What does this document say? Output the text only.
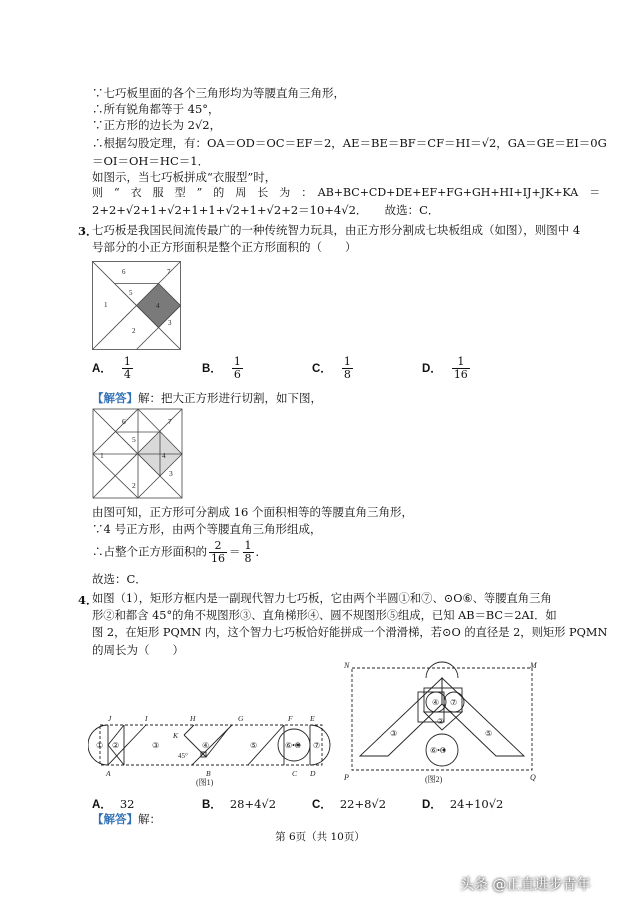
∵七巧板里面的各个三角形均为等腰直角三角形，
∴所有锐角都等于 45°，
∵正方形的边长为 2√2，
∴根据勾股定理，有：OA＝OD＝OC＝EF＝2，AE＝BE＝BF＝CF＝HI＝√2，GA＝GE＝EI＝0G
＝OI＝OH＝HC＝1．
如图示，当七巧板拼成“衣服型”时，
则　“　衣　服　型　”　的　周　长　为　：　AB+BC+CD+DE+EF+FG+GH+HI+IJ+JK+KA　＝
2+2+√2+1+√2+1+1+√2+1+√2+2＝10+4√2．　　故选：C．
3．
七巧板是我国民间流传最广的一种传统智力玩具，由正方形分割成七块板组成（如图），则图中 4
号部分的小正方形面积是整个正方形面积的（　　）
6	7
1
5
4
3
2
A． $\frac{1}{4}$	B． $\frac{1}{6}$	C． $\frac{1}{8}$	D． $\frac{1}{16}$
【解答】解：把大正方形进行切割，如下图，
6	7
1
5
4
3
2
由图可知，正方形可分割成 16 个面积相等的等腰直角三角形，
∵4 号正方形，由两个等腰直角三角形组成，
∴占整个正方形面积的 $\frac{2}{16} = \frac{1}{8}$ ．
故选：C．
4．
如图（1），矩形方框内是一副现代智力七巧板，它由两个半圆①和⑦、⊙O⑥、等腰直角三角
形②和都含 45°的角不规图形③、直角梯形④、圆不规图形⑤组成，已知 AB＝BC＝2AI．如
图 2，在矩形 PQMN 内，这个智力七巧板恰好能拼成一个滑滑梯，若⊙O 的直径是 2，则矩形 PQMN
的周长为（　　）
J	I
K
H	G	F E
A	B	C D
① ②	③	④	⑤	⑥•O ⑦
45°
(图1)
④ ⑦
②
③	⑤
⑥•O
(图2)
N	M
P	Q
A． 32	B． 28+4√2	C． 22+8√2	D． 24+10√2
【解答】解：
第 6页（共 10页）
头条 @正直进步青年
